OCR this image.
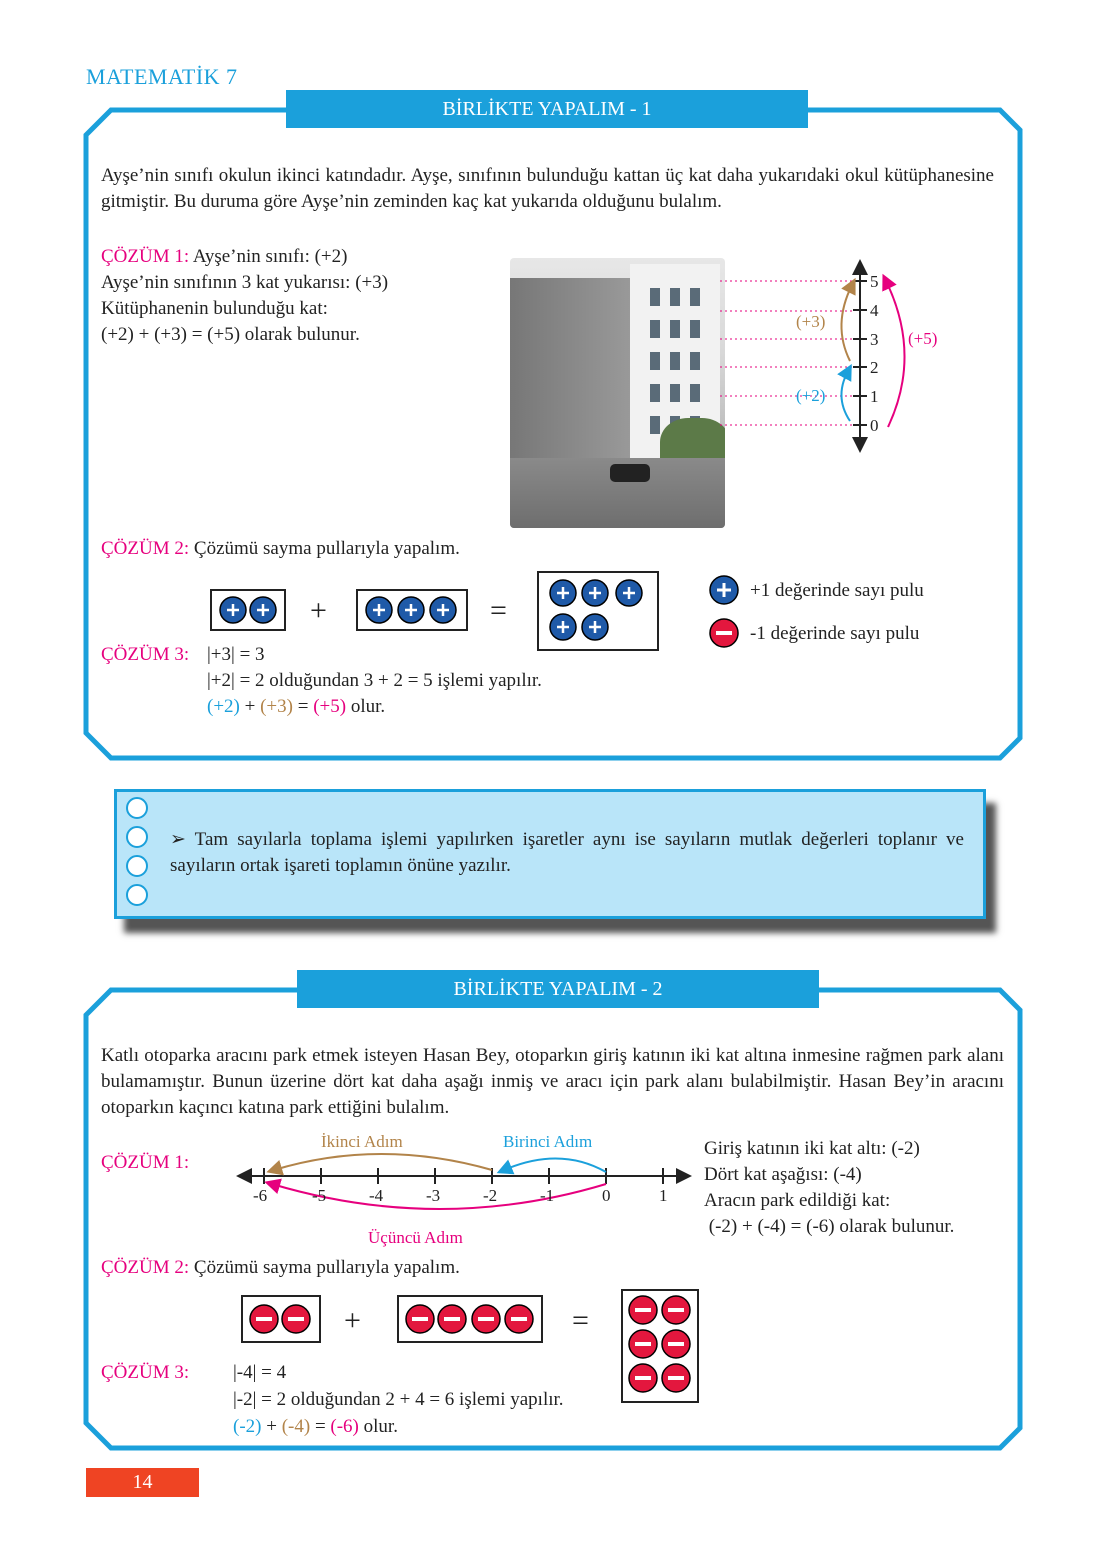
MATEMATİK 7
BİRLİKTE YAPALIM - 1
Ayşe’nin sınıfı okulun ikinci katındadır. Ayşe, sınıfının bulunduğu kattan üç kat daha yukarıdaki okul kütüphanesine gitmiştir. Bu duruma göre Ayşe’nin zeminden kaç kat yukarıda olduğunu bulalım.
ÇÖZÜM 1: Ayşe’nin sınıfı: (+2)
Ayşe’nin sınıfının 3 kat yukarısı: (+3)
Kütüphanenin bulunduğu kat:
(+2) + (+3) = (+5) olarak bulunur.
5
4
3
2
1
0
(+3)
(+2)
(+5)
ÇÖZÜM 2: Çözümü sayma pullarıyla yapalım.
+	=
+1 değerinde sayı pulu
-1 değerinde sayı pulu
ÇÖZÜM 3: |+3| = 3
|+2| = 2 olduğundan 3 + 2 = 5 işlemi yapılır.
(+2) + (+3) = (+5) olur.
➢ Tam sayılarla toplama işlemi yapılırken işaretler aynı ise sayıların mutlak değerleri toplanır ve sayıların ortak işareti toplamın önüne yazılır.
BİRLİKTE YAPALIM - 2
Katlı otoparka aracını park etmek isteyen Hasan Bey, otoparkın giriş katının iki kat altına inmesine rağmen park alanı bulamamıştır. Bunun üzerine dört kat daha aşağı inmiş ve aracı için park alanı bulabilmiştir. Hasan Bey’in aracını otoparkın kaçıncı katına park ettiğini bulalım.
ÇÖZÜM 1:
-6	-5	-4	-3	-2	-1	0	1
Birinci Adım
İkinci Adım
Üçüncü Adım
Giriş katının iki kat altı: (-2)
Dört kat aşağısı: (-4)
Aracın park edildiği kat:
(-2) + (-4) = (-6) olarak bulunur.
ÇÖZÜM 2: Çözümü sayma pullarıyla yapalım.
+	=
ÇÖZÜM 3: |-4| = 4
|-2| = 2 olduğundan 2 + 4 = 6 işlemi yapılır.
(-2) + (-4) = (-6) olur.
14
